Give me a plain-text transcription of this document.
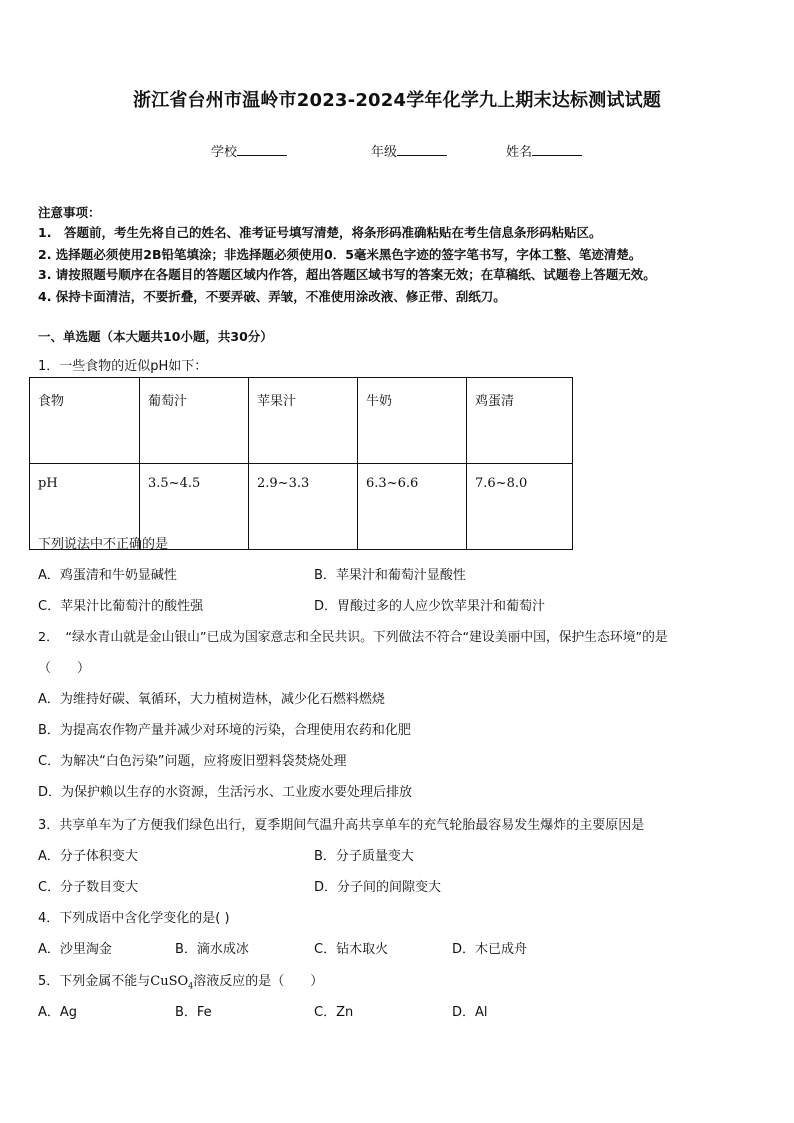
浙江省台州市温岭市2023-2024学年化学九上期末达标测试试题
学校	年级	姓名
注意事项：
1.　答题前，考生先将自己的姓名、准考证号填写清楚，将条形码准确粘贴在考生信息条形码粘贴区。
2. 选择题必须使用2B铅笔填涂；非选择题必须使用0．5毫米黑色字迹的签字笔书写，字体工整、笔迹清楚。
3. 请按照题号顺序在各题目的答题区域内作答，超出答题区域书写的答案无效；在草稿纸、试题卷上答题无效。
4. 保持卡面清洁，不要折叠，不要弄破、弄皱，不准使用涂改液、修正带、刮纸刀。
一、单选题（本大题共10小题，共30分）
1．一些食物的近似pH如下：
食物	葡萄汁	苹果汁	牛奶	鸡蛋清
pH	3.5~4.5	2.9~3.3	6.3~6.6	7.6~8.0
下列说法中不正确的是
A．鸡蛋清和牛奶显碱性	B．苹果汁和葡萄汁显酸性
C．苹果汁比葡萄汁的酸性强	D．胃酸过多的人应少饮苹果汁和葡萄汁
2．　“绿水青山就是金山银山”已成为国家意志和全民共识。下列做法不符合“建设美丽中国，保护生态环境”的是
（　　）
A．为维持好碳、氧循环，大力植树造林，减少化石燃料燃烧
B．为提高农作物产量并减少对环境的污染，合理使用农药和化肥
C．为解决“白色污染”问题，应将废旧塑料袋焚烧处理
D．为保护赖以生存的水资源，生活污水、工业废水要处理后排放
3．共享单车为了方便我们绿色出行，夏季期间气温升高共享单车的充气轮胎最容易发生爆炸的主要原因是
A．分子体积变大	B．分子质量变大
C．分子数目变大	D．分子间的间隙变大
4．下列成语中含化学变化的是( )
A．沙里淘金	B．滴水成冰	C．钻木取火	D．木已成舟
5．下列金属不能与CuSO$_4$溶液反应的是（　　）
A．Ag	B．Fe	C．Zn	D．Al
